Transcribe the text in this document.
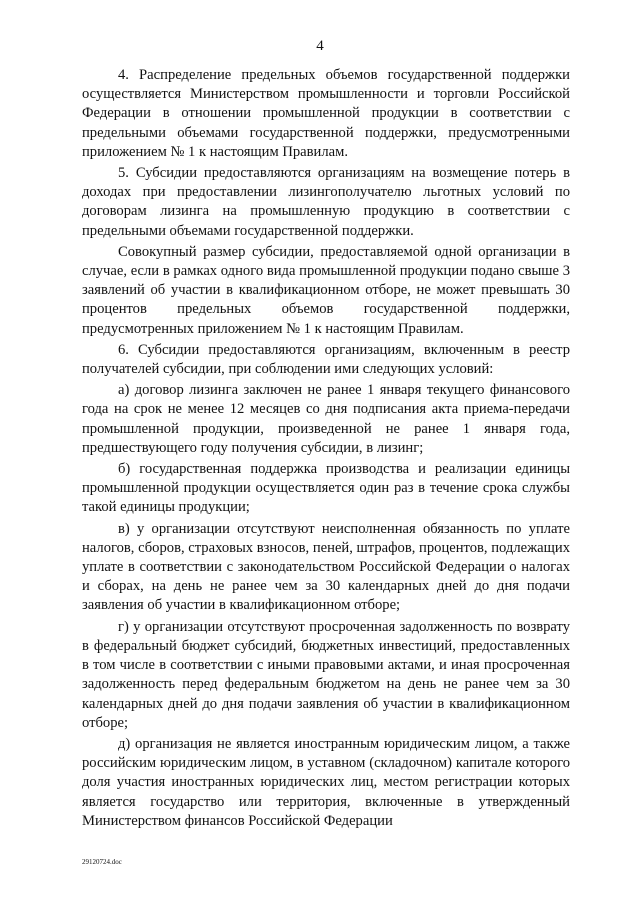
4

4. Распределение предельных объемов государственной поддержки осуществляется Министерством промышленности и торговли Российской Федерации в отношении промышленной продукции в соответствии с предельными объемами государственной поддержки, предусмотренными приложением № 1 к настоящим Правилам.

5. Субсидии предоставляются организациям на возмещение потерь в доходах при предоставлении лизингополучателю льготных условий по договорам лизинга на промышленную продукцию в соответствии с предельными объемами государственной поддержки.

Совокупный размер субсидии, предоставляемой одной организации в случае, если в рамках одного вида промышленной продукции подано свыше 3 заявлений об участии в квалификационном отборе, не может превышать 30 процентов предельных объемов государственной поддержки, предусмотренных приложением № 1 к настоящим Правилам.

6. Субсидии предоставляются организациям, включенным в реестр получателей субсидии, при соблюдении ими следующих условий:

а) договор лизинга заключен не ранее 1 января текущего финансового года на срок не менее 12 месяцев со дня подписания акта приема-передачи промышленной продукции, произведенной не ранее 1 января года, предшествующего году получения субсидии, в лизинг;

б) государственная поддержка производства и реализации единицы промышленной продукции осуществляется один раз в течение срока службы такой единицы продукции;

в) у организации отсутствуют неисполненная обязанность по уплате налогов, сборов, страховых взносов, пеней, штрафов, процентов, подлежащих уплате в соответствии с законодательством Российской Федерации о налогах и сборах, на день не ранее чем за 30 календарных дней до дня подачи заявления об участии в квалификационном отборе;

г) у организации отсутствуют просроченная задолженность по возврату в федеральный бюджет субсидий, бюджетных инвестиций, предоставленных в том числе в соответствии с иными правовыми актами, и иная просроченная задолженность перед федеральным бюджетом на день не ранее чем за 30 календарных дней до дня подачи заявления об участии в квалификационном отборе;

д) организация не является иностранным юридическим лицом, а также российским юридическим лицом, в уставном (складочном) капитале которого доля участия иностранных юридических лиц, местом регистрации которых является государство или территория, включенные в утвержденный Министерством финансов Российской Федерации

29120724.doc
